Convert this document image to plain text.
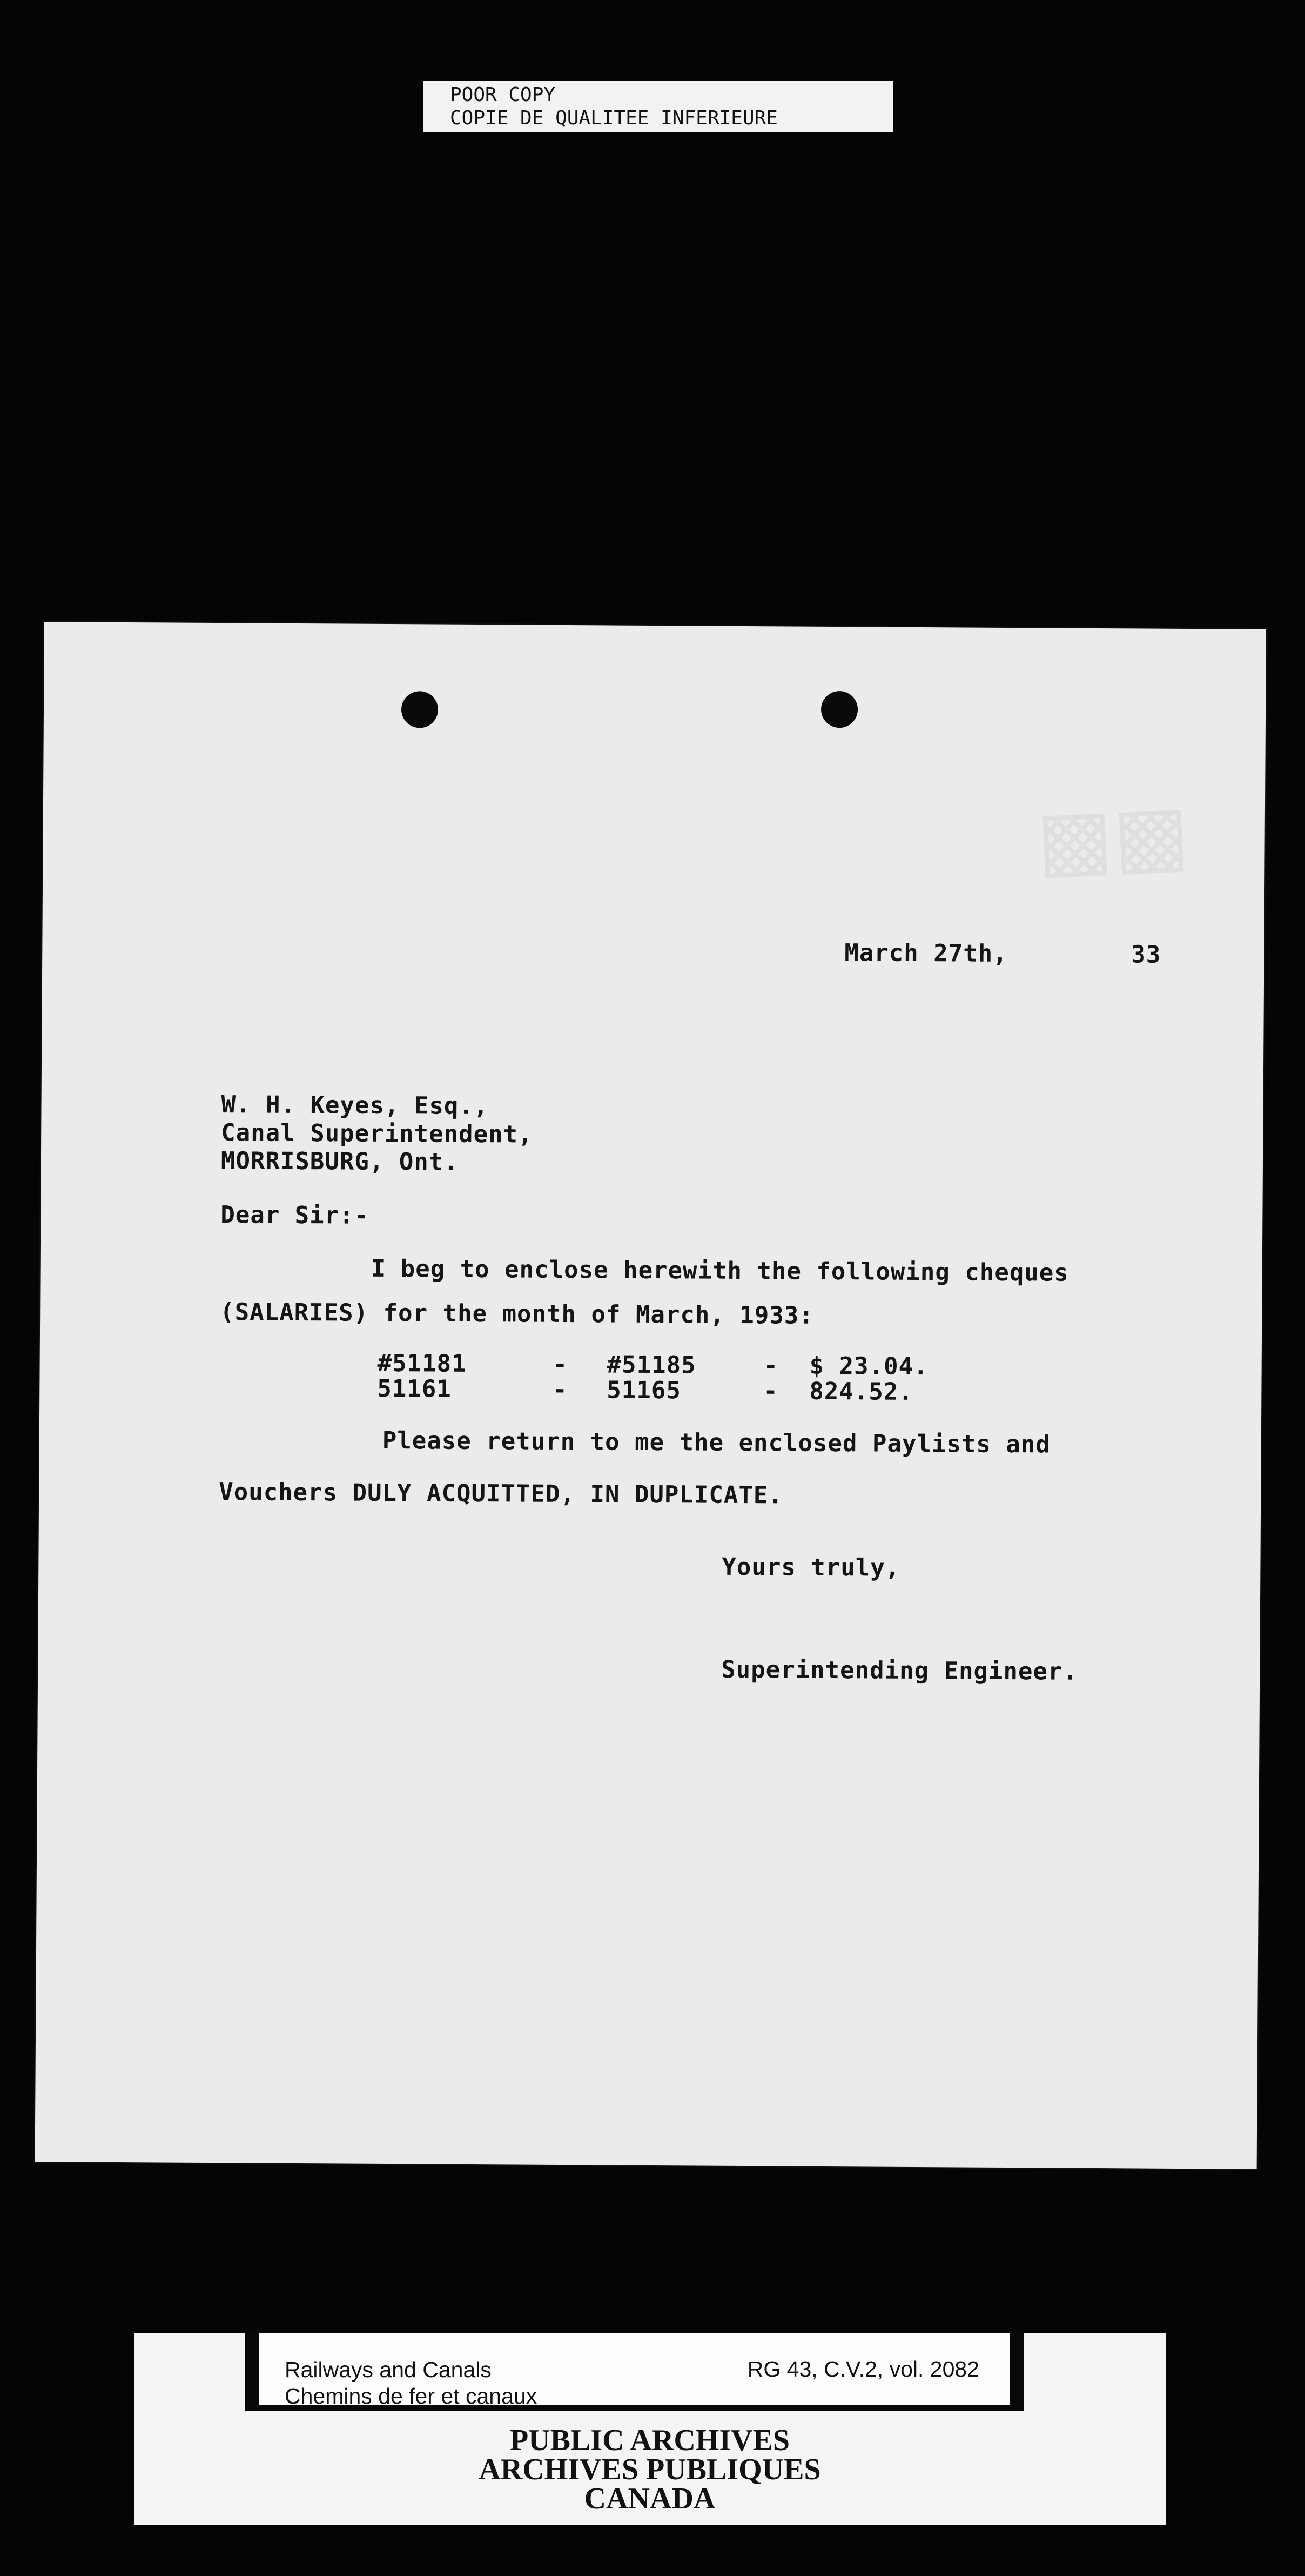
POOR COPY
COPIE DE QUALITEE INFERIEURE
▩▩
March 27th,	33
W. H. Keyes, Esq.,
Canal Superintendent,
MORRISBURG, Ont.
Dear Sir:-
I beg to enclose herewith the following cheques
(SALARIES) for the month of March, 1933:
#51181	- #51185	- $ 23.04.
51161	- 51165	- 824.52.
Please return to me the enclosed Paylists and
Vouchers DULY ACQUITTED, IN DUPLICATE.
Yours truly,
Superintending Engineer.
Railways and Canals
Chemins de fer et canaux
RG 43, C.V.2, vol. 2082
PUBLIC ARCHIVES
ARCHIVES PUBLIQUES
CANADA
